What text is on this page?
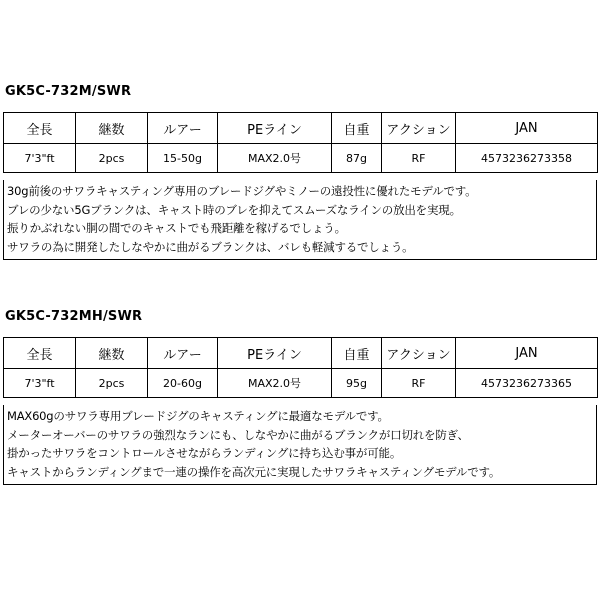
GK5C-732M/SWR
全長	継数	ルアー	PEライン	自重	アクション	JAN
7'3"ft	2pcs	15-50g	MAX2.0号	87g	RF	4573236273358
30g前後のサワラキャスティング専用のブレードジグやミノーの遠投性に優れたモデルです。
ブレの少ない5Gブランクは、キャスト時のブレを抑えてスムーズなラインの放出を実現。
振りかぶれない胴の間でのキャストでも飛距離を稼げるでしょう。
サワラの為に開発したしなやかに曲がるブランクは、バレも軽減するでしょう。
GK5C-732MH/SWR
全長	継数	ルアー	PEライン	自重	アクション	JAN
7'3"ft	2pcs	20-60g	MAX2.0号	95g	RF	4573236273365
MAX60gのサワラ専用ブレードジグのキャスティングに最適なモデルです。
メーターオーバーのサワラの強烈なランにも、しなやかに曲がるブランクが口切れを防ぎ、
掛かったサワラをコントロールさせながらランディングに持ち込む事が可能。
キャストからランディングまで一連の操作を高次元に実現したサワラキャスティングモデルです。
